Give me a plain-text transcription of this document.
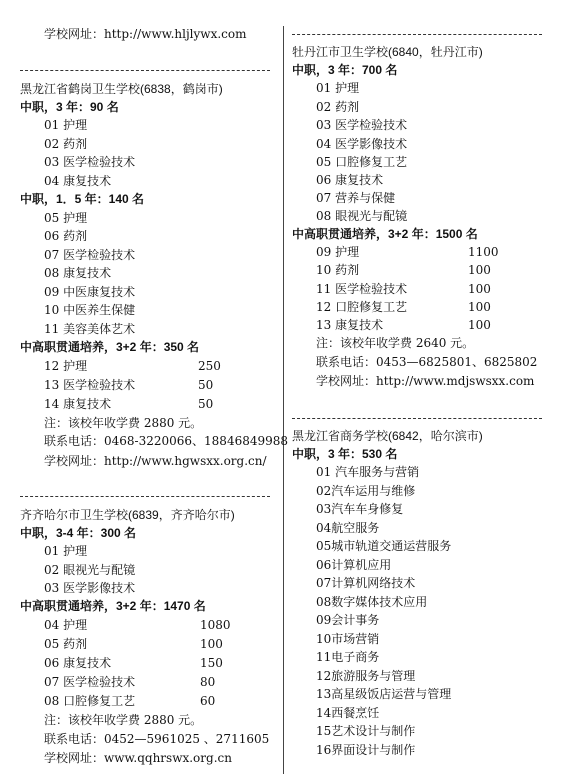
学校网址：http://www.hljlywx.com
黑龙江省鹤岗卫生学校(6838，鹤岗市)
中职，3 年：90 名
01 护理
02 药剂
03 医学检验技术
04 康复技术
中职，1．5 年：140 名
05 护理
06 药剂
07 医学检验技术
08 康复技术
09 中医康复技术
10 中医养生保健
11 美容美体艺术
中高职贯通培养，3+2 年：350 名
12 护理	250
13 医学检验技术	50
14 康复技术	50
注：该校年收学费 2880 元。
联系电话：0468-3220066、18846849988
学校网址：http://www.hgwsxx.org.cn/
齐齐哈尔市卫生学校(6839，齐齐哈尔市)
中职，3-4 年：300 名
01 护理
02 眼视光与配镜
03 医学影像技术
中高职贯通培养，3+2 年：1470 名
04 护理	1080
05 药剂	100
06 康复技术	150
07 医学检验技术	80
08 口腔修复工艺	60
注：该校年收学费 2880 元。
联系电话：0452—5961025 、2711605
学校网址：www.qqhrswx.org.cn
牡丹江市卫生学校(6840，牡丹江市)
中职，3 年：700 名
01 护理
02 药剂
03 医学检验技术
04 医学影像技术
05 口腔修复工艺
06 康复技术
07 营养与保健
08 眼视光与配镜
中高职贯通培养，3+2 年：1500 名
09 护理	1100
10 药剂	100
11 医学检验技术	100
12 口腔修复工艺	100
13 康复技术	100
注：该校年收学费 2640 元。
联系电话：0453—6825801、6825802
学校网址：http://www.mdjswsxx.com
黑龙江省商务学校(6842，哈尔滨市)
中职，3 年：530 名
01 汽车服务与营销
02汽车运用与维修
03汽车车身修复
04航空服务
05城市轨道交通运营服务
06计算机应用
07计算机网络技术
08数字媒体技术应用
09会计事务
10市场营销
11电子商务
12旅游服务与管理
13高星级饭店运营与管理
14西餐烹饪
15艺术设计与制作
16界面设计与制作
